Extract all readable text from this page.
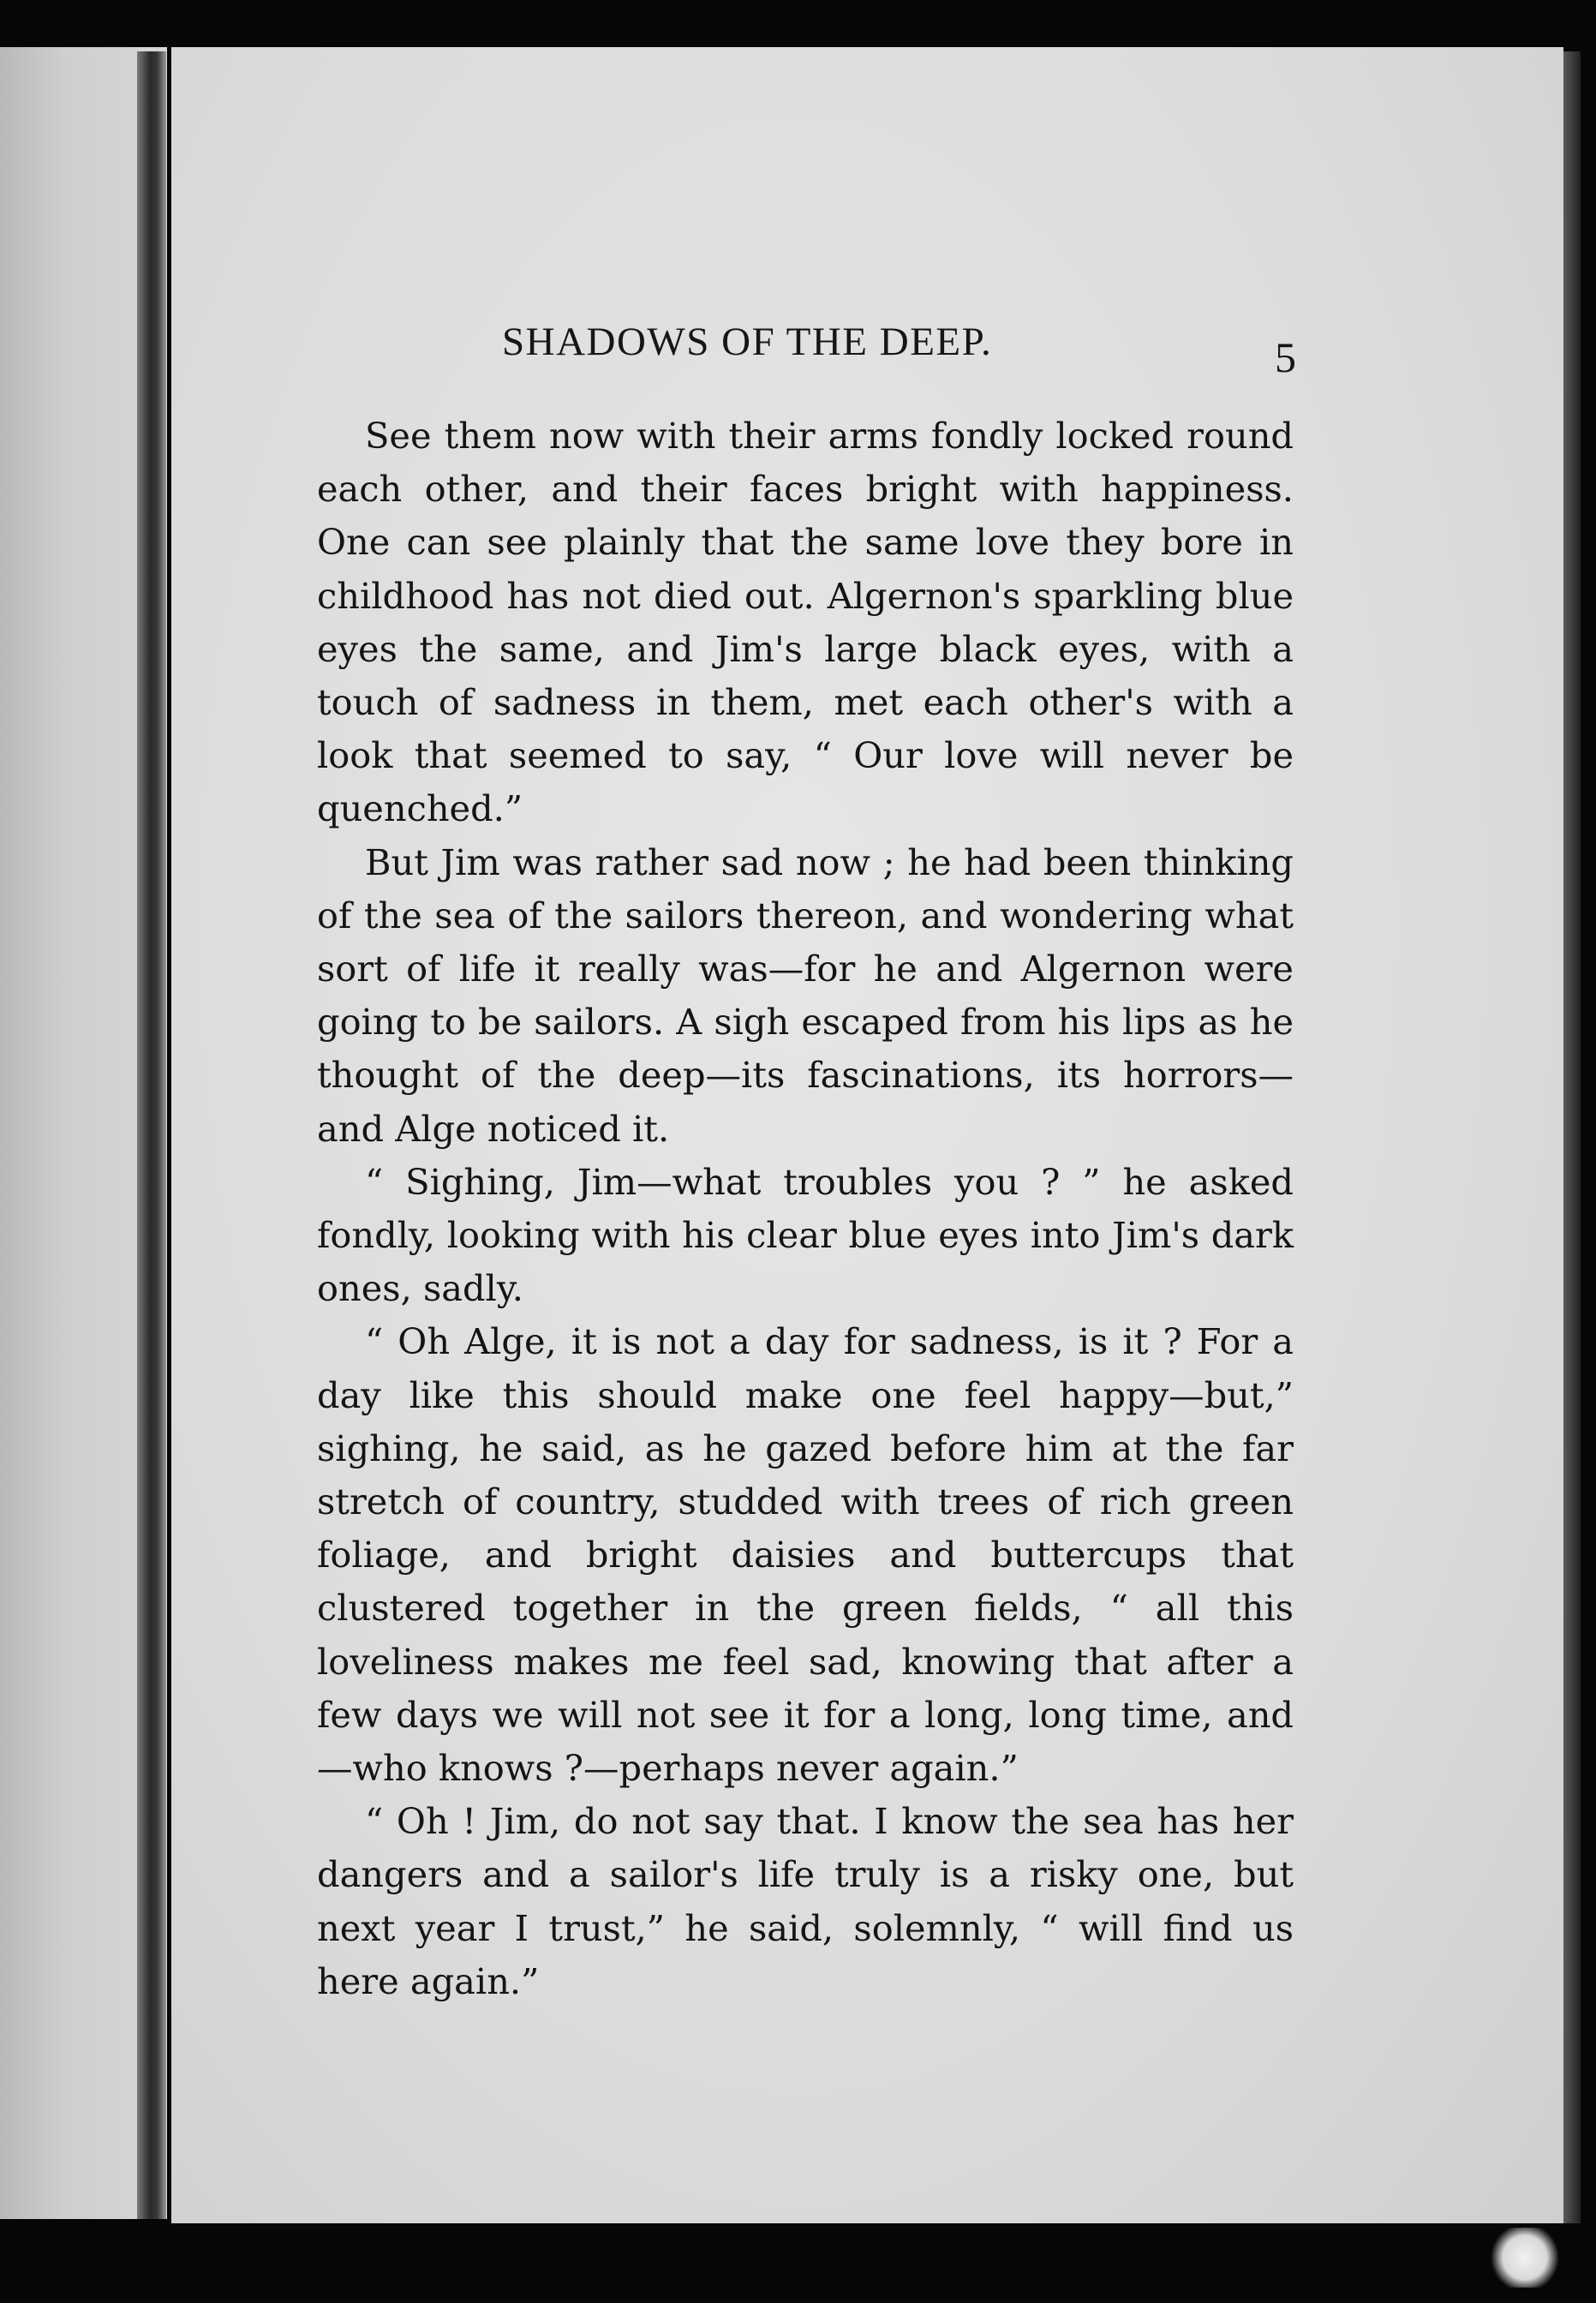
SHADOWS OF THE DEEP.	5

See them now with their arms fondly locked round each other, and their faces bright with happiness. One can see plainly that the same love they bore in childhood has not died out. Algernon's sparkling blue eyes the same, and Jim's large black eyes, with a touch of sadness in them, met each other's with a look that seemed to say, “ Our love will never be quenched.”

But Jim was rather sad now ; he had been thinking of the sea of the sailors thereon, and wondering what sort of life it really was—for he and Algernon were going to be sailors. A sigh escaped from his lips as he thought of the deep—its fascinations, its horrors—and Alge noticed it.

“ Sighing, Jim—what troubles you ? ” he asked fondly, looking with his clear blue eyes into Jim's dark ones, sadly.

“ Oh Alge, it is not a day for sadness, is it ? For a day like this should make one feel happy—but,” sighing, he said, as he gazed before him at the far stretch of country, studded with trees of rich green foliage, and bright daisies and buttercups that clustered together in the green fields, “ all this loveliness makes me feel sad, knowing that after a few days we will not see it for a long, long time, and—who knows ?—perhaps never again.”

“ Oh ! Jim, do not say that. I know the sea has her dangers and a sailor's life truly is a risky one, but next year I trust,” he said, solemnly, “ will find us here again.”
